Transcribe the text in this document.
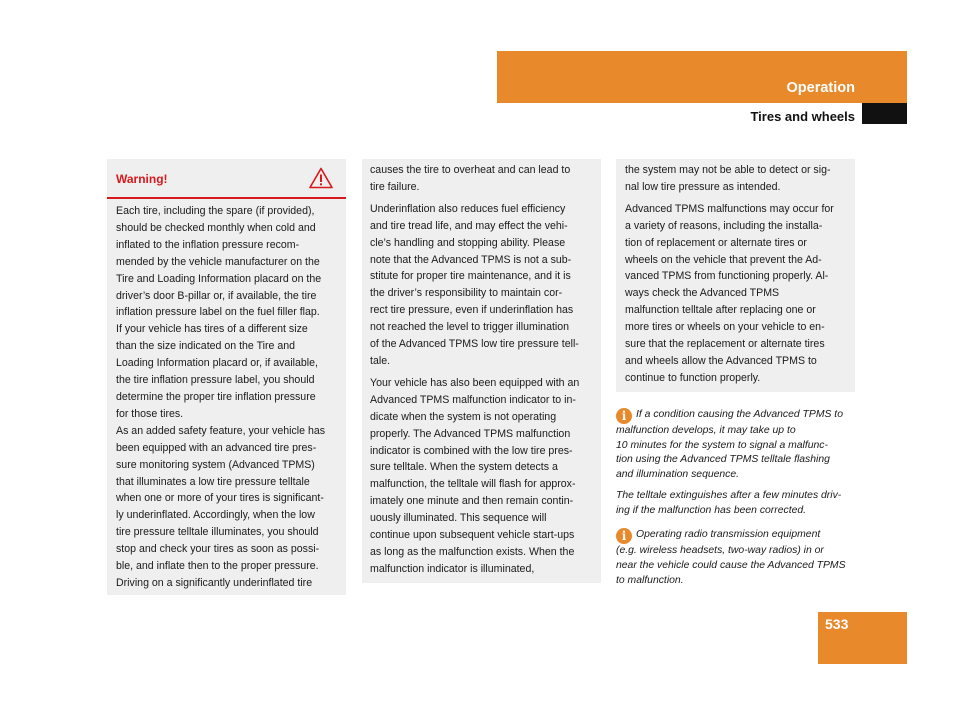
Operation
Tires and wheels
Warning!

Each tire, including the spare (if provided),

should be checked monthly when cold and

inflated to the inflation pressure recom-

mended by the vehicle manufacturer on the

Tire and Loading Information placard on the

driver’s door B-pillar or, if available, the tire

inflation pressure label on the fuel filler flap.

If your vehicle has tires of a different size

than the size indicated on the Tire and

Loading Information placard or, if available,

the tire inflation pressure label, you should

determine the proper tire inflation pressure

for those tires.

As an added safety feature, your vehicle has

been equipped with an advanced tire pres-

sure monitoring system (Advanced TPMS)

that illuminates a low tire pressure telltale

when one or more of your tires is significant-

ly underinflated. Accordingly, when the low

tire pressure telltale illuminates, you should

stop and check your tires as soon as possi-

ble, and inflate then to the proper pressure.

Driving on a significantly underinflated tire

causes the tire to overheat and can lead to

tire failure.

Underinflation also reduces fuel efficiency

and tire tread life, and may effect the vehi-

cle’s handling and stopping ability. Please

note that the Advanced TPMS is not a sub-

stitute for proper tire maintenance, and it is

the driver’s responsibility to maintain cor-

rect tire pressure, even if underinflation has

not reached the level to trigger illumination

of the Advanced TPMS low tire pressure tell-

tale.

Your vehicle has also been equipped with an

Advanced TPMS malfunction indicator to in-

dicate when the system is not operating

properly. The Advanced TPMS malfunction

indicator is combined with the low tire pres-

sure telltale. When the system detects a

malfunction, the telltale will flash for approx-

imately one minute and then remain contin-

uously illuminated. This sequence will

continue upon subsequent vehicle start-ups

as long as the malfunction exists. When the

malfunction indicator is illuminated,

the system may not be able to detect or sig-

nal low tire pressure as intended.

Advanced TPMS malfunctions may occur for

a variety of reasons, including the installa-

tion of replacement or alternate tires or

wheels on the vehicle that prevent the Ad-

vanced TPMS from functioning properly. Al-

ways check the Advanced TPMS

malfunction telltale after replacing one or

more tires or wheels on your vehicle to en-

sure that the replacement or alternate tires

and wheels allow the Advanced TPMS to

continue to function properly.

i If a condition causing the Advanced TPMS to
malfunction develops, it may take up to
10 minutes for the system to signal a malfunc-
tion using the Advanced TPMS telltale flashing
and illumination sequence.
The telltale extinguishes after a few minutes driv-
ing if the malfunction has been corrected.
i Operating radio transmission equipment
(e.g. wireless headsets, two-way radios) in or
near the vehicle could cause the Advanced TPMS
to malfunction.
533
